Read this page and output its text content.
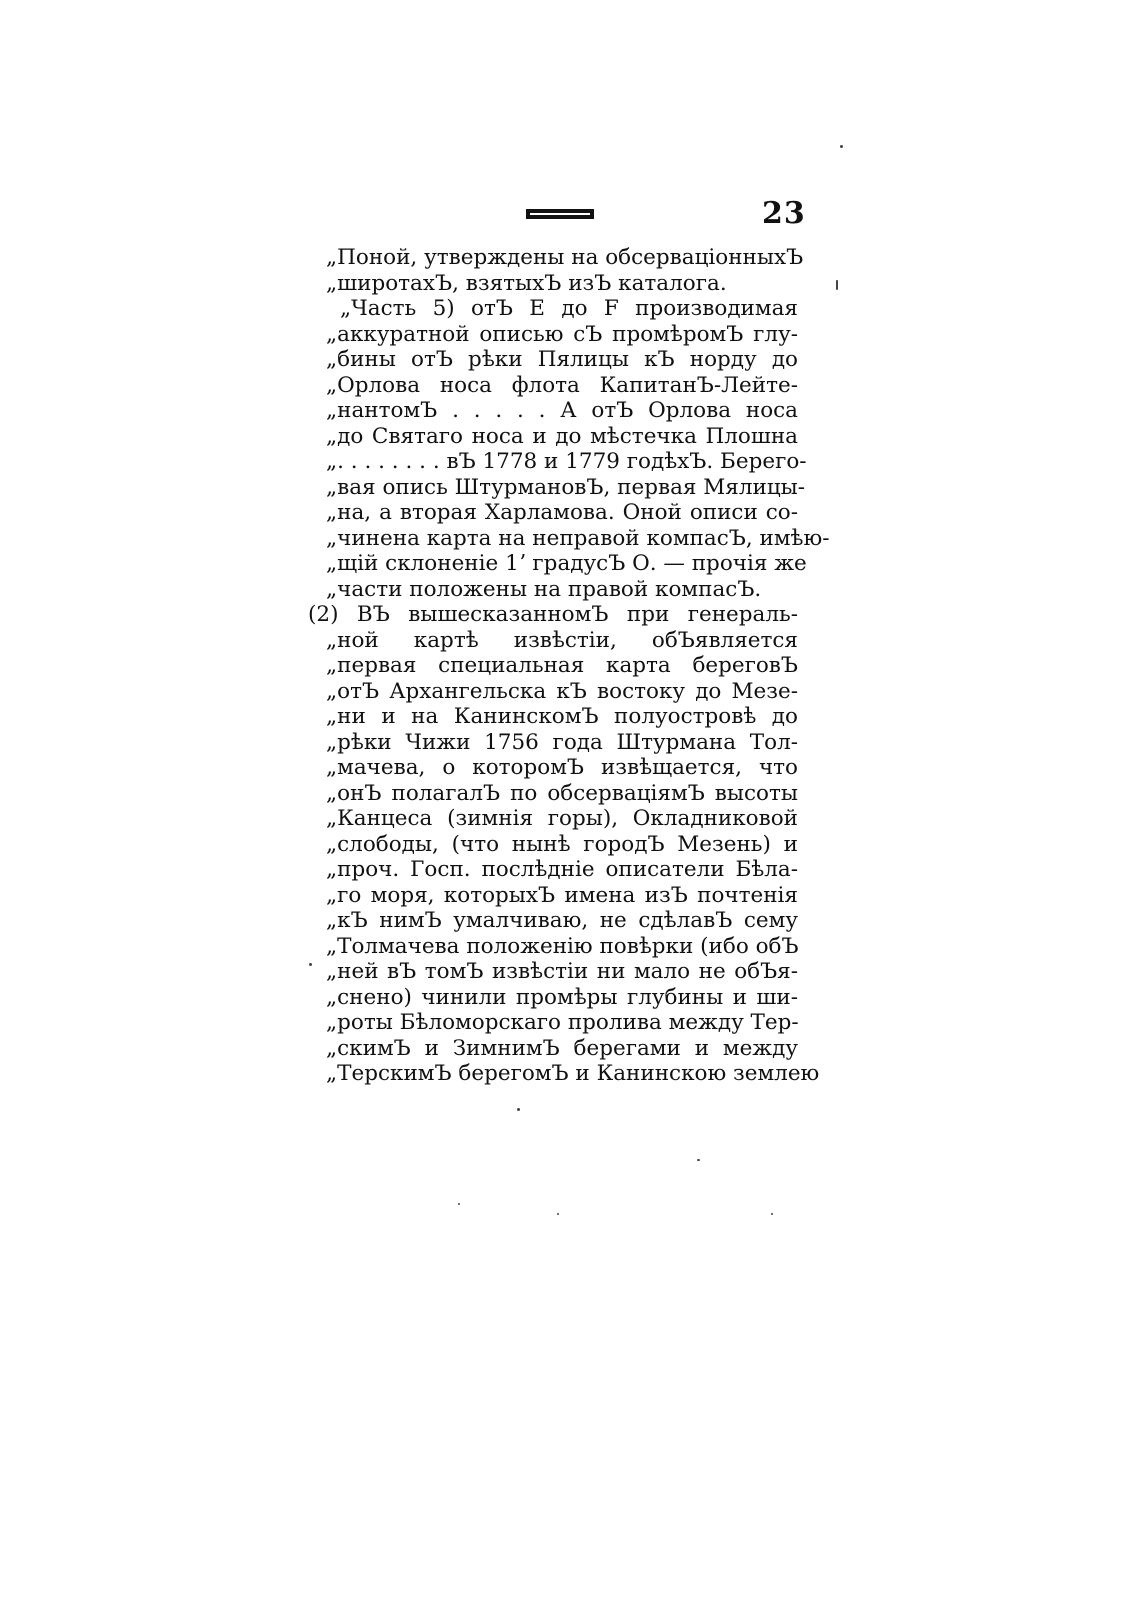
23
„Поной, утверждены на обсерваціонныхЪ
„широтахЪ, взятыхЪ изЪ каталога.
„Часть 5) отЪ E до F производимая
„аккуратной описью сЪ промѣромЪ глу-
„бины отЪ рѣки Пялицы кЪ норду до
„Орлова носа флота КапитанЪ-Лейте-
„нантомЪ . . . . . А отЪ Орлова носа
„до Святаго носа и до мѣстечка Плошна
„. . . . . . . . вЪ 1778 и 1779 годѣхЪ. Берего-
„вая опись ШтурмановЪ, первая Мялицы-
„на, а вторая Харламова. Оной описи со-
„чинена карта на неправой компасЪ, имѣю-
„щій склоненіе 1ʼ градусЪ О. — прочія же
„части положены на правой компасЪ.
(2) ВЪ вышесказанномЪ при генераль-
„ной картѣ извѣстіи, обЪявляется
„первая специальная карта береговЪ
„отЪ Архангельска кЪ востоку до Мезе-
„ни и на КанинскомЪ полуостровѣ до
„рѣки Чижи 1756 года Штурмана Тол-
„мачева, о которомЪ извѣщается, что
„онЪ полагалЪ по обсерваціямЪ высоты
„Канцеса (зимнія горы), Окладниковой
„слободы, (что нынѣ городЪ Мезень) и
„проч. Госп. послѣдніе описатели Бѣла-
„го моря, которыхЪ имена изЪ почтенія
„кЪ нимЪ умалчиваю, не сдѣлавЪ сему
„Толмачева положенію повѣрки (ибо обЪ
„ней вЪ томЪ извѣстіи ни мало не обЪя-
„снено) чинили промѣры глубины и ши-
„роты Бѣломорскаго пролива между Тер-
„скимЪ и ЗимнимЪ берегами и между
„ТерскимЪ берегомЪ и Канинскою землею
